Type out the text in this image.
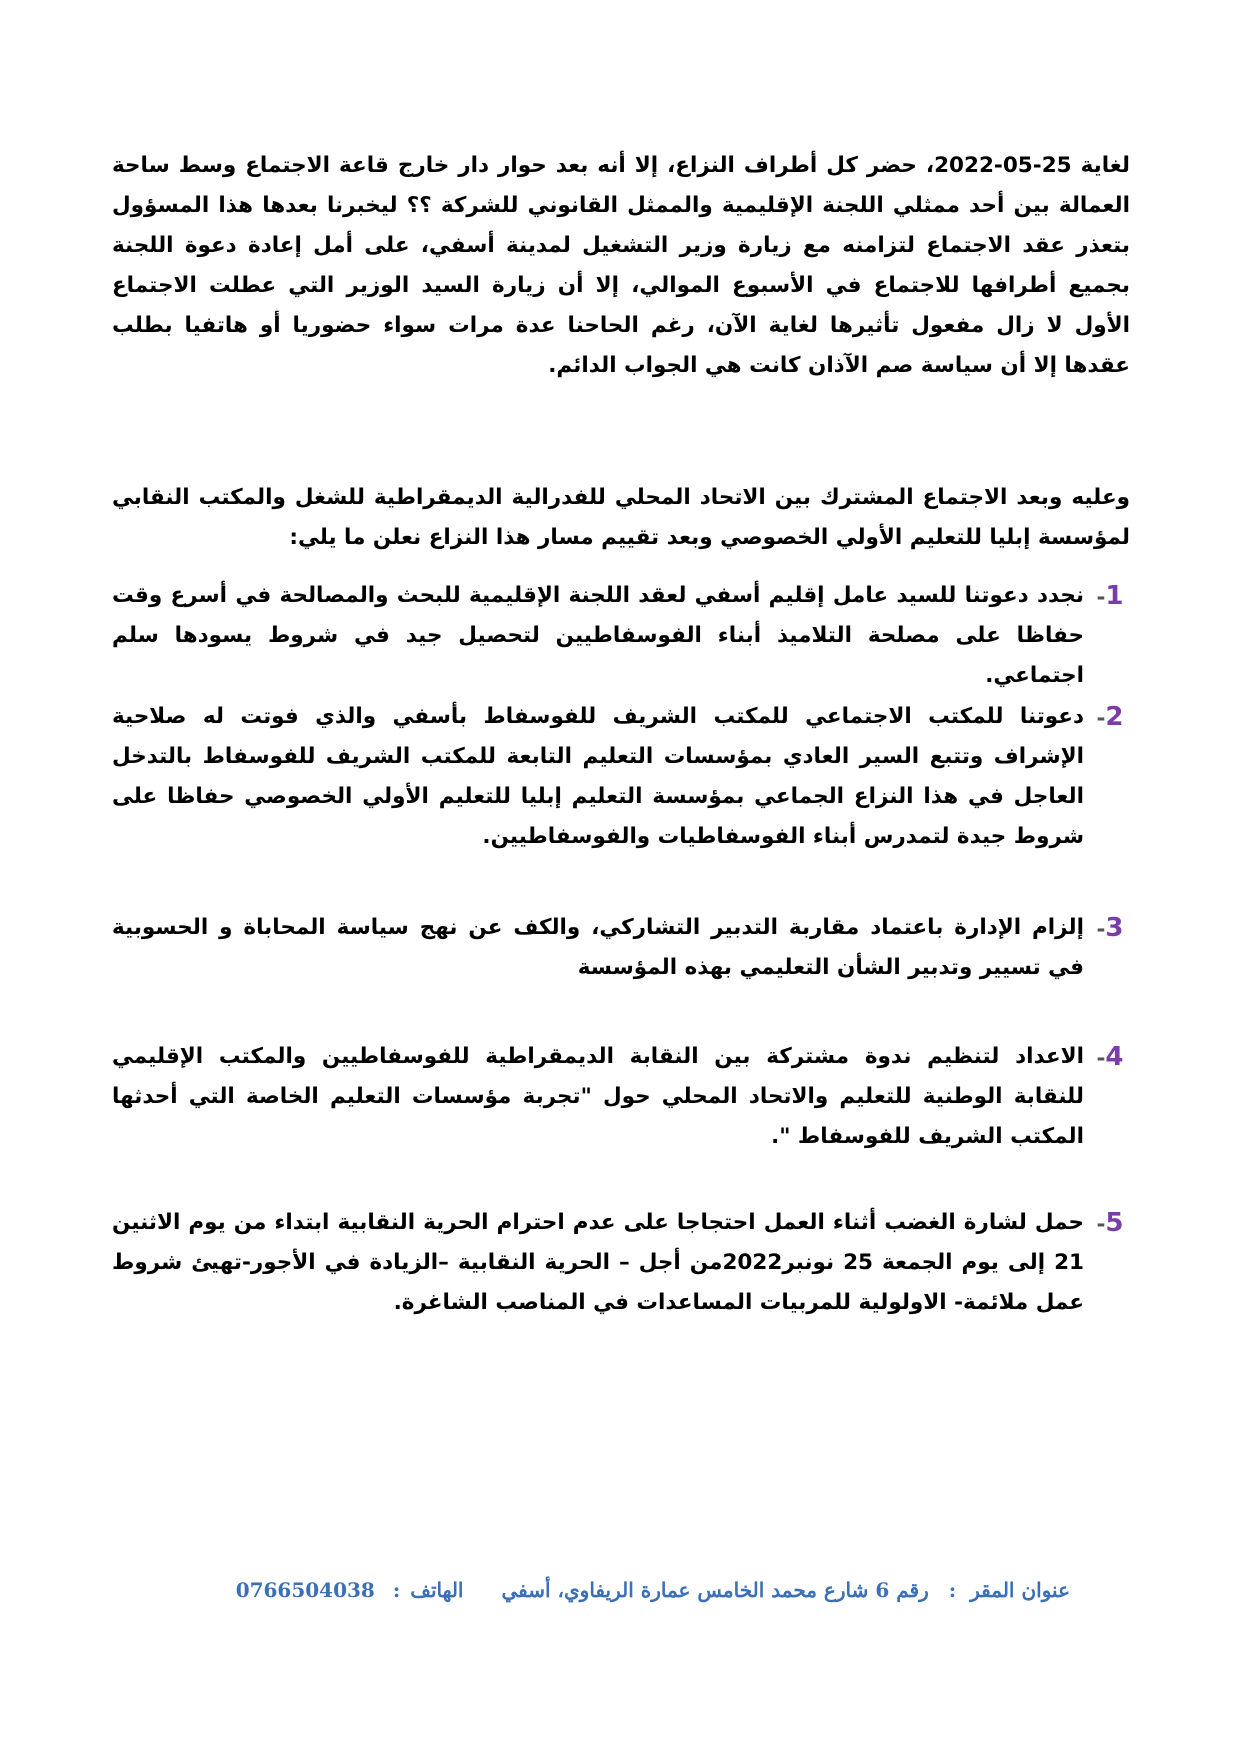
لغاية 25-05-2022، حضر كل أطراف النزاع، إلا أنه بعد حوار دار خارج قاعة الاجتماع وسط ساحة العمالة بين أحد ممثلي اللجنة الإقليمية والممثل القانوني للشركة ؟؟ ليخبرنا بعدها هذا المسؤول بتعذر عقد الاجتماع لتزامنه مع زيارة وزير التشغيل لمدينة أسفي، على أمل إعادة دعوة اللجنة بجميع أطرافها للاجتماع في الأسبوع الموالي، إلا أن زيارة السيد الوزير التي عطلت الاجتماع الأول لا زال مفعول تأثيرها لغاية الآن، رغم الحاحنا عدة مرات سواء حضوريا أو هاتفيا بطلب عقدها إلا أن سياسة صم الآذان كانت هي الجواب الدائم.

وعليه وبعد الاجتماع المشترك بين الاتحاد المحلي للفدرالية الديمقراطية للشغل والمكتب النقابي لمؤسسة إبليا للتعليم الأولي الخصوصي وبعد تقييم مسار هذا النزاع نعلن ما يلي:

1-

نجدد دعوتنا للسيد عامل إقليم أسفي لعقد اللجنة الإقليمية للبحث والمصالحة في أسرع وقت حفاظا على مصلحة التلاميذ أبناء الفوسفاطيين لتحصيل جيد في شروط يسودها سلم اجتماعي.

2-

دعوتنا للمكتب الاجتماعي للمكتب الشريف للفوسفاط بأسفي والذي فوتت له صلاحية الإشراف وتتبع السير العادي بمؤسسات التعليم التابعة للمكتب الشريف للفوسفاط بالتدخل العاجل في هذا النزاع الجماعي بمؤسسة التعليم إبليا للتعليم الأولي الخصوصي حفاظا على شروط جيدة لتمدرس أبناء الفوسفاطيات والفوسفاطيين.

3-

إلزام الإدارة باعتماد مقاربة التدبير التشاركي، والكف عن نهج سياسة المحاباة و الحسوبية في تسيير وتدبير الشأن التعليمي بهذه المؤسسة

4-

الاعداد لتنظيم ندوة مشتركة بين النقابة الديمقراطية للفوسفاطيين والمكتب الإقليمي للنقابة الوطنية للتعليم والاتحاد المحلي حول "تجربة مؤسسات التعليم الخاصة التي أحدثها المكتب الشريف للفوسفاط ".

5-

حمل لشارة الغضب أثناء العمل احتجاجا على عدم احترام الحرية النقابية ابتداء من يوم الاثنين 21 إلى يوم الجمعة 25 نونبر2022من أجل – الحرية النقابية –الزيادة في الأجور-تهيئ شروط عمل ملائمة- الاولولية للمربيات المساعدات في المناصب الشاغرة.

عنوان المقر:رقم 6 شارع محمد الخامس عمارة الريفاوي، أسفيالهاتف:0766504038
